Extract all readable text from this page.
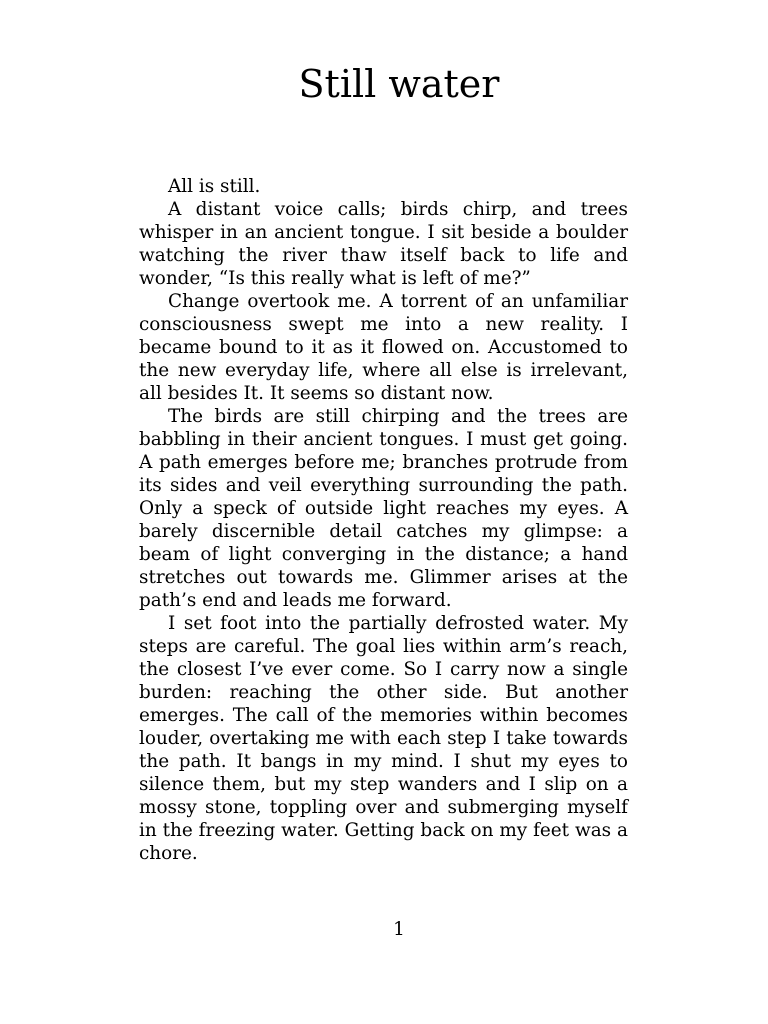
Still water

All is still.

A distant voice calls; birds chirp, and trees whisper in an ancient tongue. I sit beside a boulder watching the river thaw itself back to life and wonder, “Is this really what is left of me?”

Change overtook me. A torrent of an unfamiliar consciousness swept me into a new reality. I became bound to it as it flowed on. Accustomed to the new everyday life, where all else is irrelevant, all besides It. It seems so distant now.

The birds are still chirping and the trees are babbling in their ancient tongues. I must get going. A path emerges before me; branches protrude from its sides and veil everything surrounding the path. Only a speck of outside light reaches my eyes. A barely discernible detail catches my glimpse: a beam of light converging in the distance; a hand stretches out towards me. Glimmer arises at the path’s end and leads me forward.

I set foot into the partially defrosted water. My steps are careful. The goal lies within arm’s reach, the closest I’ve ever come. So I carry now a single burden: reaching the other side. But another emerges. The call of the memories within becomes louder, overtaking me with each step I take towards the path. It bangs in my mind. I shut my eyes to silence them, but my step wanders and I slip on a mossy stone, toppling over and submerging myself in the freezing water. Getting back on my feet was a chore.

1
